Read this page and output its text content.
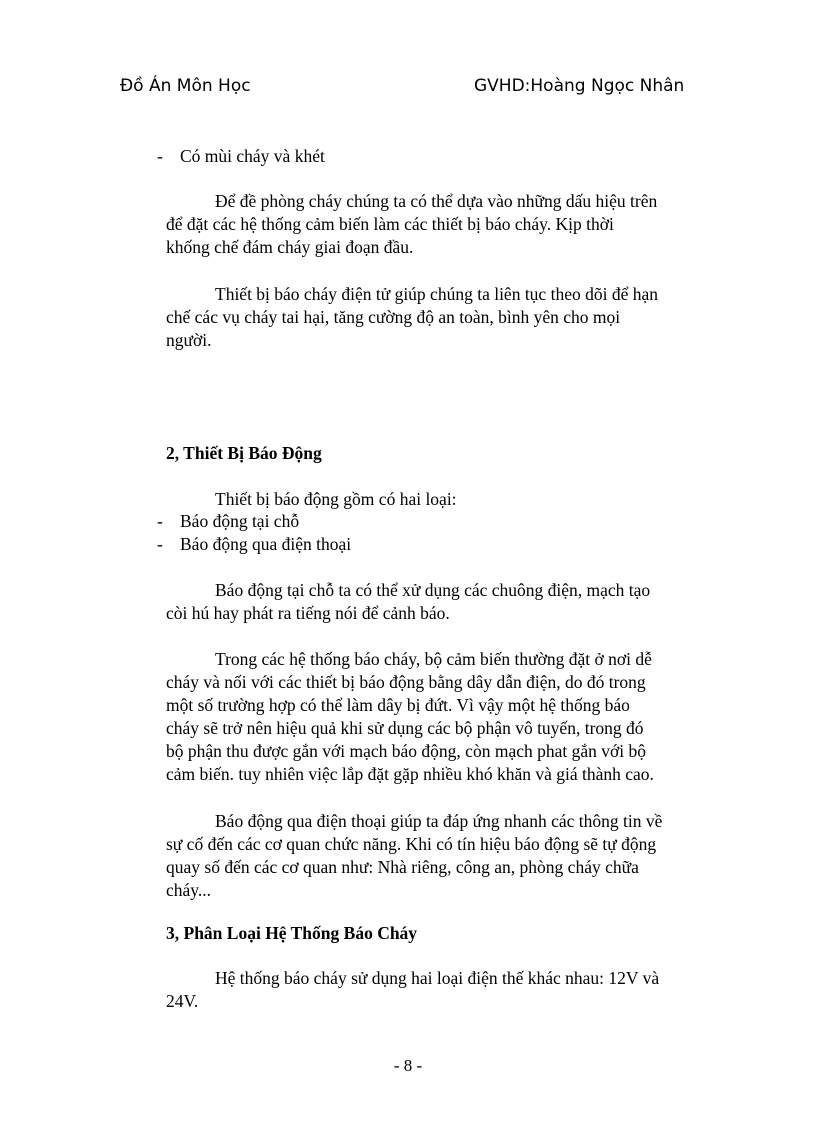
Đồ Án Môn Học	GVHD:Hoàng Ngọc Nhân
- Có mùi cháy và khét
Để đề phòng cháy chúng ta có thể dựa vào những dấu hiệu trên
để đặt các hệ thống cảm biến làm các thiết bị báo cháy. Kịp thời
khống chế đám cháy giai đoạn đầu.
Thiết bị báo cháy điện tử giúp chúng ta liên tục theo dõi để hạn
chế các vụ cháy tai hại, tăng cường độ an toàn, bình yên cho mọi
người.
2, Thiết Bị Báo Động
Thiết bị báo động gồm có hai loại:
- Báo động tại chỗ
- Báo động qua điện thoại
Báo động tại chỗ ta có thể xử dụng các chuông điện, mạch tạo
còi hú hay phát ra tiếng nói để cảnh báo.
Trong các hệ thống báo cháy, bộ cảm biến thường đặt ở nơi dễ
cháy và nối với các thiết bị báo động bằng dây dẫn điện, do đó trong
một số trường hợp có thể làm dây bị đứt. Vì vậy một hệ thống báo
cháy sẽ trở nên hiệu quả khi sử dụng các bộ phận vô tuyến, trong đó
bộ phận thu được gắn với mạch báo động, còn mạch phat gắn với bộ
cảm biến. tuy nhiên việc lắp đặt gặp nhiều khó khăn và giá thành cao.
Báo động qua điện thoại giúp ta đáp ứng nhanh các thông tin về
sự cố đến các cơ quan chức năng. Khi có tín hiệu báo động sẽ tự động
quay số đến các cơ quan như: Nhà riêng, công an, phòng cháy chữa
cháy...
3, Phân Loại Hệ Thống Báo Cháy
Hệ thống báo cháy sử dụng hai loại điện thế khác nhau: 12V và
24V.
- 8 -
